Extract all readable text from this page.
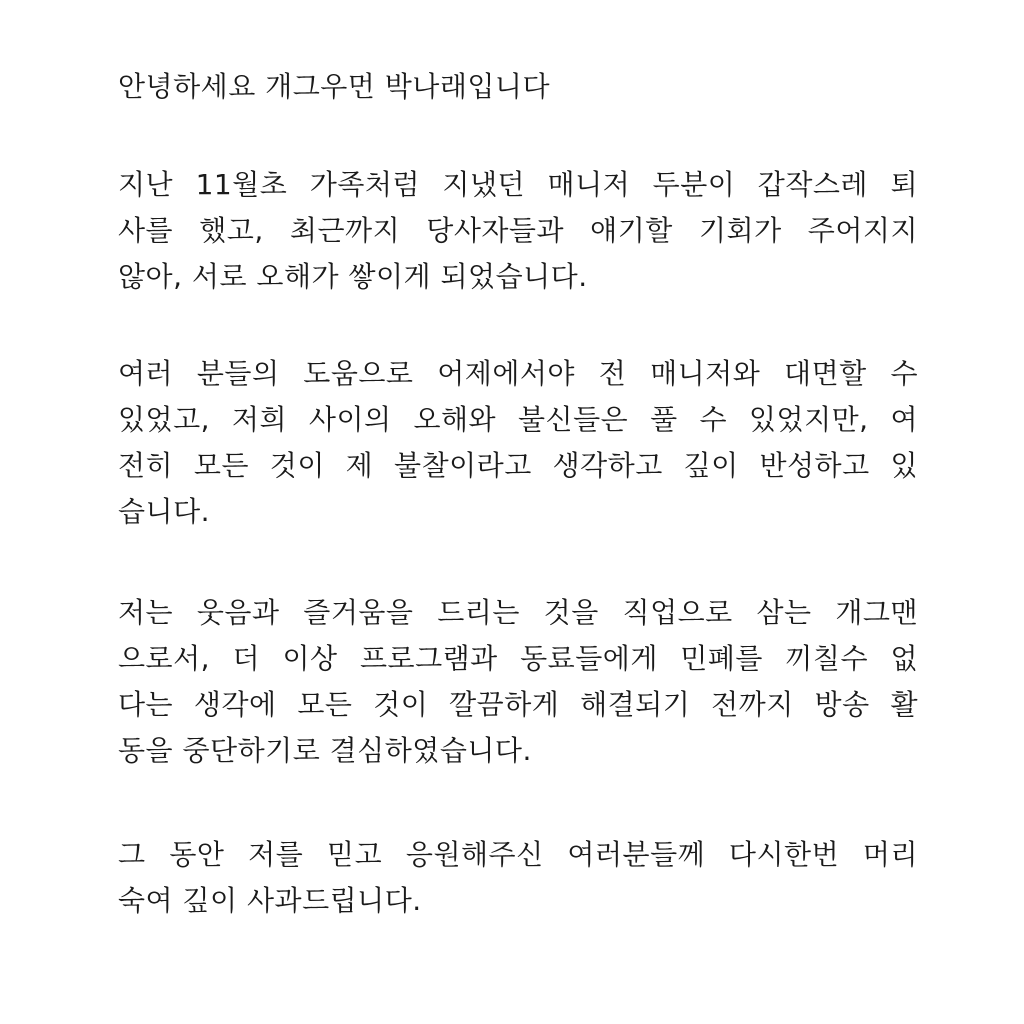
안녕하세요 개그우먼 박나래입니다

지난 11월초 가족처럼 지냈던 매니저 두분이 갑작스레 퇴
사를 했고, 최근까지 당사자들과 얘기할 기회가 주어지지
않아, 서로 오해가 쌓이게 되었습니다.

여러 분들의 도움으로 어제에서야 전 매니저와 대면할 수
있었고, 저희 사이의 오해와 불신들은 풀 수 있었지만, 여
전히 모든 것이 제 불찰이라고 생각하고 깊이 반성하고 있
습니다.

저는 웃음과 즐거움을 드리는 것을 직업으로 삼는 개그맨
으로서, 더 이상 프로그램과 동료들에게 민폐를 끼칠수 없
다는 생각에 모든 것이 깔끔하게 해결되기 전까지 방송 활
동을 중단하기로 결심하였습니다.

그 동안 저를 믿고 응원해주신 여러분들께 다시한번 머리
숙여 깊이 사과드립니다.
